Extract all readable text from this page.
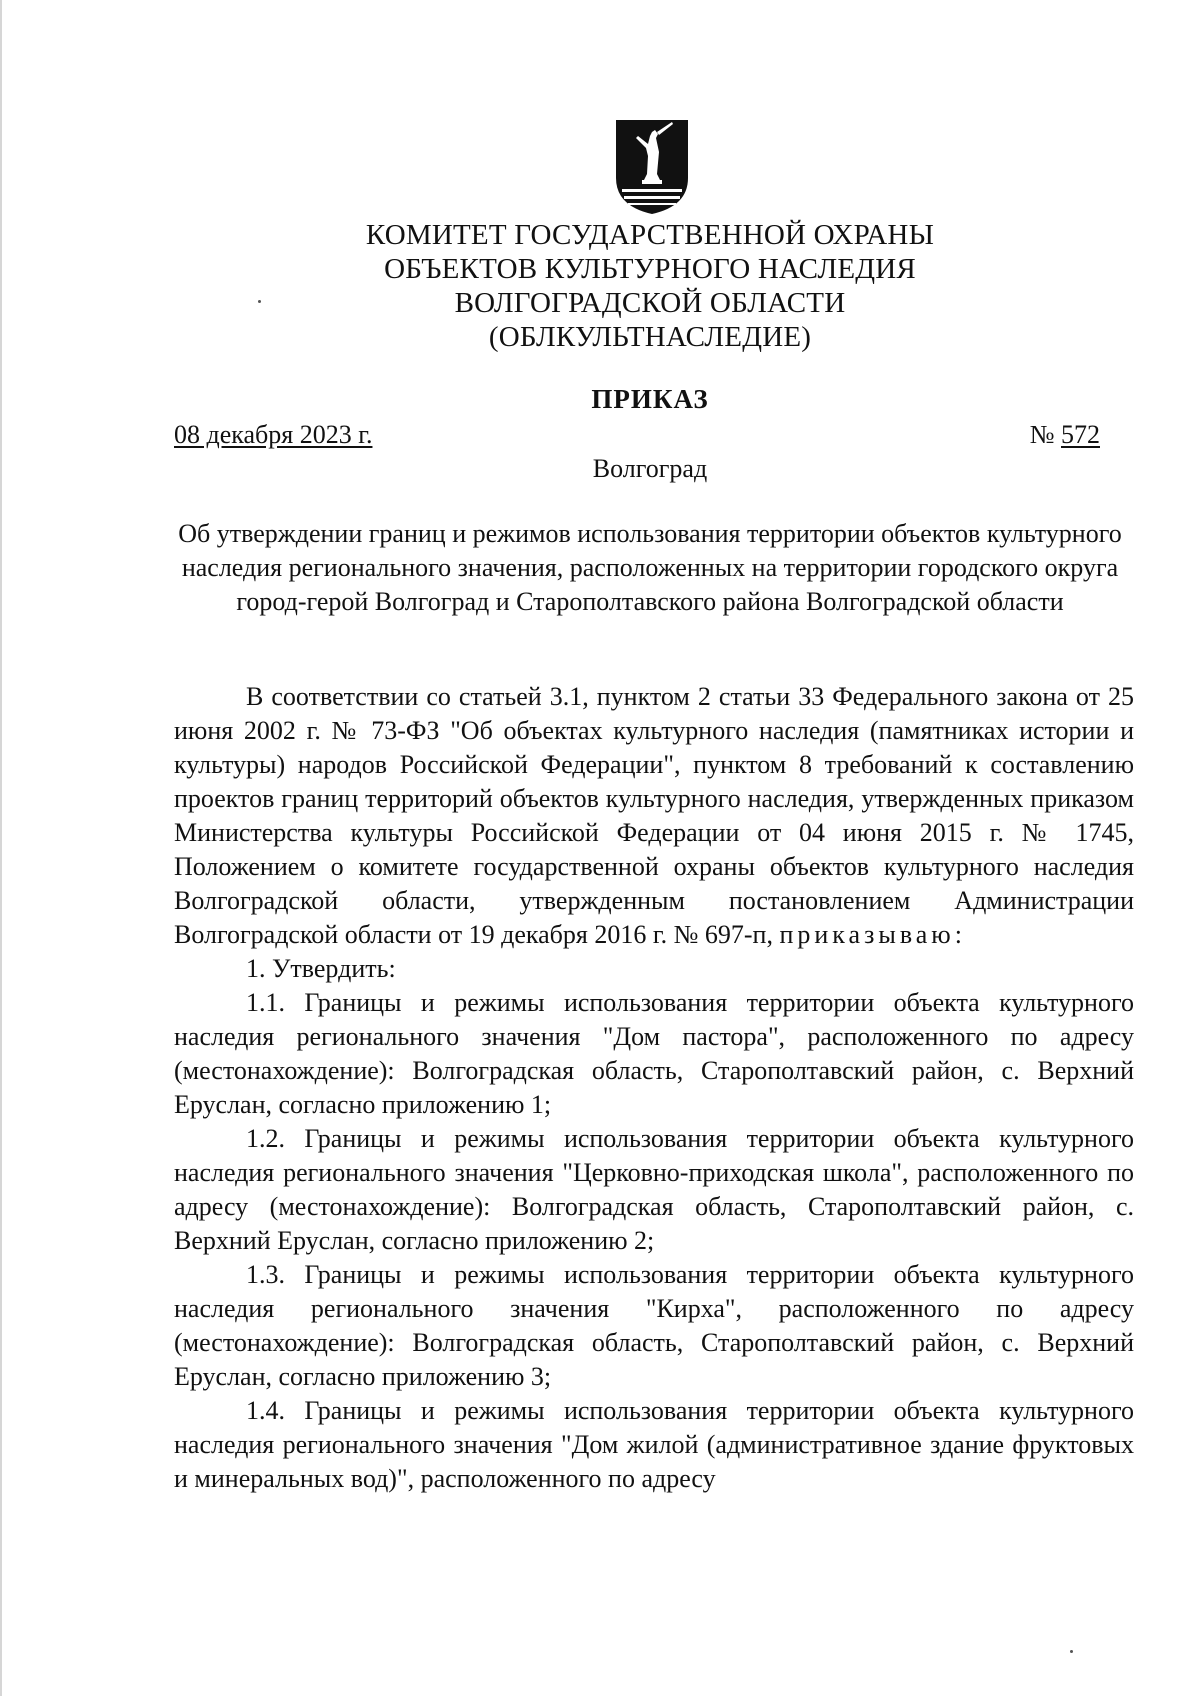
КОМИТЕТ ГОСУДАРСТВЕННОЙ ОХРАНЫ
ОБЪЕКТОВ КУЛЬТУРНОГО НАСЛЕДИЯ
ВОЛГОГРАДСКОЙ ОБЛАСТИ
(ОБЛКУЛЬТНАСЛЕДИЕ)
ПРИКАЗ
08 декабря 2023 г.	№ 572
Волгоград
Об утверждении границ и режимов использования территории объектов культурного наследия регионального значения, расположенных на территории городского округа город-герой Волгоград и Старополтавского района Волгоградской области

В соответствии со статьей 3.1, пунктом 2 статьи 33 Федерального закона от 25 июня 2002 г. № 73-ФЗ "Об объектах культурного наследия (памятниках истории и культуры) народов Российской Федерации", пунктом 8 требований к составлению проектов границ территорий объектов культурного наследия, утвержденных приказом Министерства культуры Российской Федерации от 04 июня 2015 г. № 1745, Положением о комитете государственной охраны объектов культурного наследия Волгоградской области, утвержденным постановлением Администрации Волгоградской области от 19 декабря 2016 г. № 697-п, приказываю:

1. Утвердить:

1.1. Границы и режимы использования территории объекта культурного наследия регионального значения "Дом пастора", расположенного по адресу (местонахождение): Волгоградская область, Старополтавский район, с. Верхний Еруслан, согласно приложению 1;

1.2. Границы и режимы использования территории объекта культурного наследия регионального значения "Церковно-приходская школа", расположенного по адресу (местонахождение): Волгоградская область, Старополтавский район, с. Верхний Еруслан, согласно приложению 2;

1.3. Границы и режимы использования территории объекта культурного наследия регионального значения "Кирха", расположенного по адресу (местонахождение): Волгоградская область, Старополтавский район, с. Верхний Еруслан, согласно приложению 3;

1.4. Границы и режимы использования территории объекта культурного наследия регионального значения "Дом жилой (административное здание фруктовых и минеральных вод)", расположенного по адресу
